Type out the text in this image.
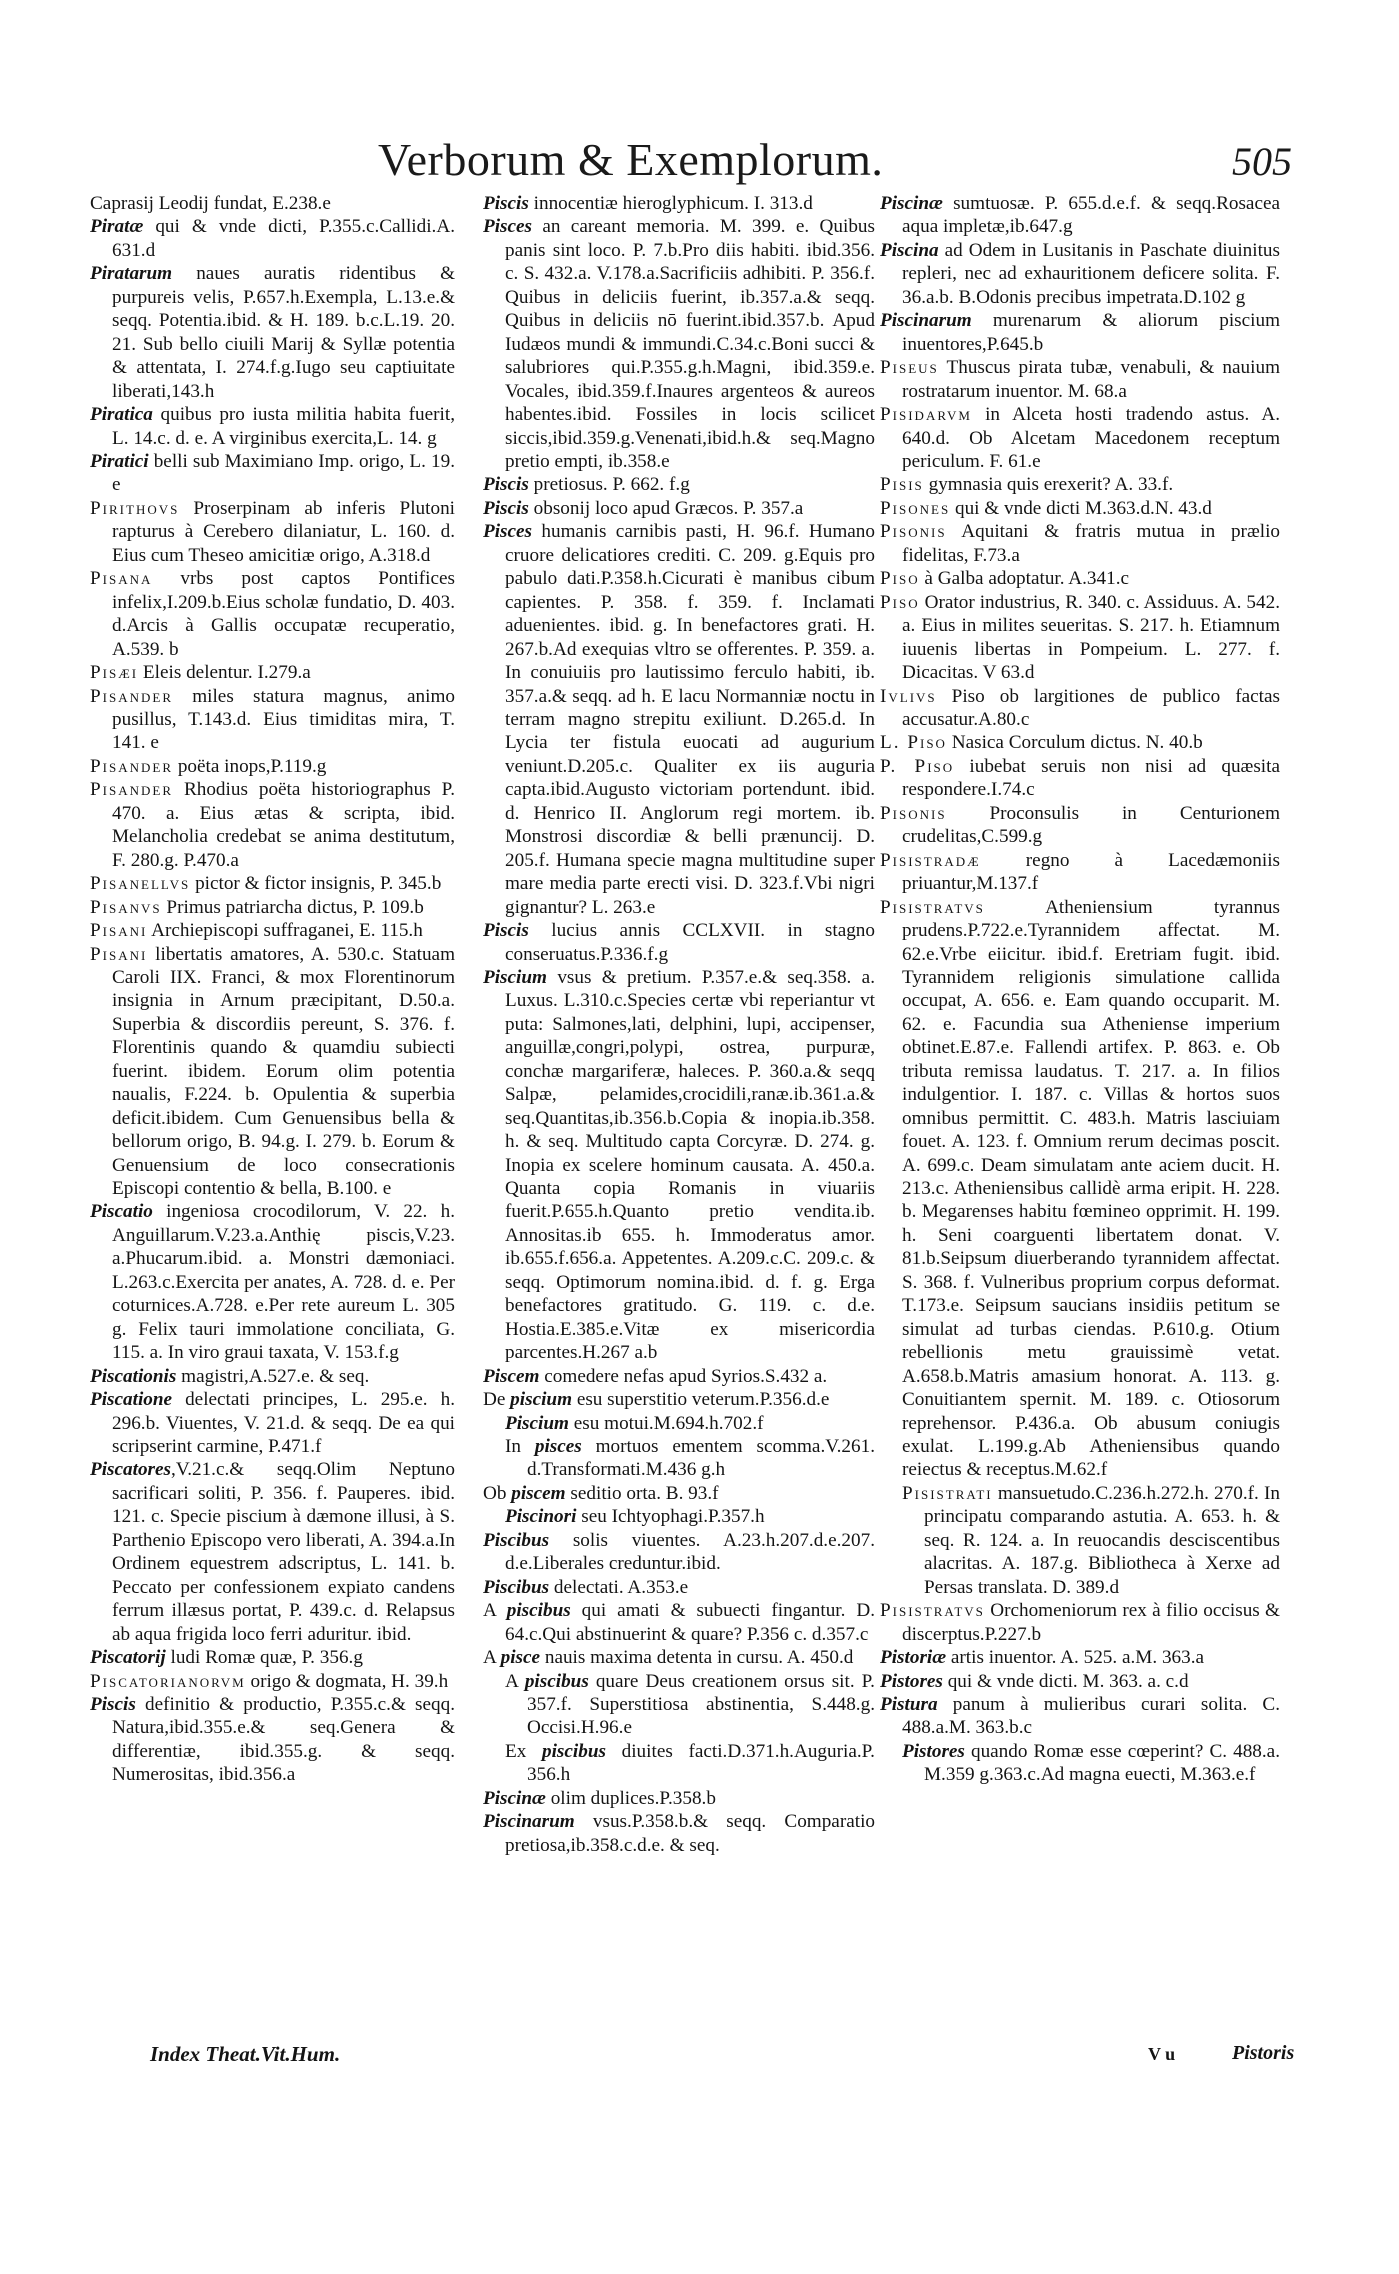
Verborum & Exemplorum.	505

Caprasij Leodij fundat, E.238.e

Piratæ qui & vnde dicti, P.355.c.Callidi.A. 631.d

Piratarum naues auratis ridentibus & purpureis velis, P.657.h.Exempla, L.13.e.& seqq. Potentia.ibid. & H. 189. b.c.L.19. 20. 21. Sub bello ciuili Marij & Syllæ potentia & attentata, I. 274.f.g.Iugo seu captiuitate liberati,143.h

Piratica quibus pro iusta militia habita fuerit, L. 14.c. d. e. A virginibus exercita,L. 14. g

Piratici belli sub Maximiano Imp. origo, L. 19. e

Pirithovs Proserpinam ab inferis Plutoni rapturus à Cerebero dilaniatur, L. 160. d. Eius cum Theseo amicitiæ origo, A.318.d

Pisana vrbs post captos Pontifices infelix,I.209.b.Eius scholæ fundatio, D. 403. d.Arcis à Gallis occupatæ recuperatio, A.539. b

Pisæi Eleis delentur. I.279.a

Pisander miles statura magnus, animo pusillus, T.143.d. Eius timiditas mira, T. 141. e

Pisander poëta inops,P.119.g

Pisander Rhodius poëta historiographus P. 470. a. Eius ætas & scripta, ibid. Melancholia credebat se anima destitutum, F. 280.g. P.470.a

Pisanellvs pictor & fictor insignis, P. 345.b

Pisanvs Primus patriarcha dictus, P. 109.b

Pisani Archiepiscopi suffraganei, E. 115.h

Pisani libertatis amatores, A. 530.c. Statuam Caroli IIX. Franci, & mox Florentinorum insignia in Arnum præcipitant, D.50.a. Superbia & discordiis pereunt, S. 376. f. Florentinis quando & quamdiu subiecti fuerint. ibidem. Eorum olim potentia naualis, F.224. b. Opulentia & superbia deficit.ibidem. Cum Genuensibus bella & bellorum origo, B. 94.g. I. 279. b. Eorum & Genuensium de loco consecrationis Episcopi contentio & bella, B.100. e

Piscatio ingeniosa crocodilorum, V. 22. h. Anguillarum.V.23.a.Anthię piscis,V.23. a.Phucarum.ibid. a. Monstri dæmoniaci. L.263.c.Exercita per anates, A. 728. d. e. Per coturnices.A.728. e.Per rete aureum L. 305 g. Felix tauri immolatione conciliata, G. 115. a. In viro graui taxata, V. 153.f.g

Piscationis magistri,A.527.e. & seq.

Piscatione delectati principes, L. 295.e. h. 296.b. Viuentes, V. 21.d. & seqq. De ea qui scripserint carmine, P.471.f

Piscatores,V.21.c.& seqq.Olim Neptuno sacrificari soliti, P. 356. f. Pauperes. ibid. 121. c. Specie piscium à dæmone illusi, à S. Parthenio Episcopo vero liberati, A. 394.a.In Ordinem equestrem adscriptus, L. 141. b. Peccato per confessionem expiato candens ferrum illæsus portat, P. 439.c. d. Relapsus ab aqua frigida loco ferri aduritur. ibid.

Piscatorij ludi Romæ quæ, P. 356.g

Piscatorianorvm origo & dogmata, H. 39.h

Piscis definitio & productio, P.355.c.& seqq. Natura,ibid.355.e.& seq.Genera & differentiæ, ibid.355.g. & seqq. Numerositas, ibid.356.a

Piscis innocentiæ hieroglyphicum. I. 313.d

Pisces an careant memoria. M. 399. e. Quibus panis sint loco. P. 7.b.Pro diis habiti. ibid.356. c. S. 432.a. V.178.a.Sacrificiis adhibiti. P. 356.f. Quibus in deliciis fuerint, ib.357.a.& seqq. Quibus in deliciis nō fuerint.ibid.357.b. Apud Iudæos mundi & immundi.C.34.c.Boni succi & salubriores qui.P.355.g.h.Magni, ibid.359.e. Vocales, ibid.359.f.Inaures argenteos & aureos habentes.ibid. Fossiles in locis scilicet siccis,ibid.359.g.Venenati,ibid.h.& seq.Magno pretio empti, ib.358.e

Piscis pretiosus. P. 662. f.g

Piscis obsonij loco apud Græcos. P. 357.a

Pisces humanis carnibis pasti, H. 96.f. Humano cruore delicatiores crediti. C. 209. g.Equis pro pabulo dati.P.358.h.Cicurati è manibus cibum capientes. P. 358. f. 359. f. Inclamati aduenientes. ibid. g. In benefactores grati. H. 267.b.Ad exequias vltro se offerentes. P. 359. a. In conuiuiis pro lautissimo ferculo habiti, ib. 357.a.& seqq. ad h. E lacu Normanniæ noctu in terram magno strepitu exiliunt. D.265.d. In Lycia ter fistula euocati ad augurium veniunt.D.205.c. Qualiter ex iis auguria capta.ibid.Augusto victoriam portendunt. ibid. d. Henrico II. Anglorum regi mortem. ib. Monstrosi discordiæ & belli prænuncij. D. 205.f. Humana specie magna multitudine super mare media parte erecti visi. D. 323.f.Vbi nigri gignantur? L. 263.e

Piscis lucius annis CCLXVII. in stagno conseruatus.P.336.f.g

Piscium vsus & pretium. P.357.e.& seq.358. a. Luxus. L.310.c.Species certæ vbi reperiantur vt puta: Salmones,lati, delphini, lupi, accipenser, anguillæ,congri,polypi, ostrea, purpuræ, conchæ margariferæ, haleces. P. 360.a.& seqq Salpæ, pelamides,crocidili,ranæ.ib.361.a.& seq.Quantitas,ib.356.b.Copia & inopia.ib.358. h. & seq. Multitudo capta Corcyræ. D. 274. g. Inopia ex scelere hominum causata. A. 450.a. Quanta copia Romanis in viuariis fuerit.P.655.h.Quanto pretio vendita.ib. Annositas.ib 655. h. Immoderatus amor. ib.655.f.656.a. Appetentes. A.209.c.C. 209.c. & seqq. Optimorum nomina.ibid. d. f. g. Erga benefactores gratitudo. G. 119. c. d.e. Hostia.E.385.e.Vitæ ex misericordia parcentes.H.267 a.b

Piscem comedere nefas apud Syrios.S.432 a.

De piscium esu superstitio veterum.P.356.d.e

Piscium esu motui.M.694.h.702.f

In pisces mortuos ementem scomma.V.261. d.Transformati.M.436 g.h

Ob piscem seditio orta. B. 93.f

Piscinori seu Ichtyophagi.P.357.h

Piscibus solis viuentes. A.23.h.207.d.e.207. d.e.Liberales creduntur.ibid.

Piscibus delectati. A.353.e

A piscibus qui amati & subuecti fingantur. D. 64.c.Qui abstinuerint & quare? P.356 c. d.357.c

A pisce nauis maxima detenta in cursu. A. 450.d

A piscibus quare Deus creationem orsus sit. P. 357.f. Superstitiosa abstinentia, S.448.g. Occisi.H.96.e

Ex piscibus diuites facti.D.371.h.Auguria.P. 356.h

Piscinæ olim duplices.P.358.b

Piscinarum vsus.P.358.b.& seqq. Comparatio pretiosa,ib.358.c.d.e. & seq.

Piscinæ sumtuosæ. P. 655.d.e.f. & seqq.Rosacea aqua impletæ,ib.647.g

Piscina ad Odem in Lusitanis in Paschate diuinitus repleri, nec ad exhauritionem deficere solita. F. 36.a.b. B.Odonis precibus impetrata.D.102 g

Piscinarum murenarum & aliorum piscium inuentores,P.645.b

Piseus Thuscus pirata tubæ, venabuli, & nauium rostratarum inuentor. M. 68.a

Pisidarvm in Alceta hosti tradendo astus. A. 640.d. Ob Alcetam Macedonem receptum periculum. F. 61.e

Pisis gymnasia quis erexerit? A. 33.f.

Pisones qui & vnde dicti M.363.d.N. 43.d

Pisonis Aquitani & fratris mutua in prælio fidelitas, F.73.a

Piso à Galba adoptatur. A.341.c

Piso Orator industrius, R. 340. c. Assiduus. A. 542. a. Eius in milites seueritas. S. 217. h. Etiamnum iuuenis libertas in Pompeium. L. 277. f. Dicacitas. V 63.d

Ivlivs Piso ob largitiones de publico factas accusatur.A.80.c

L. Piso Nasica Corculum dictus. N. 40.b

P. Piso iubebat seruis non nisi ad quæsita respondere.I.74.c

Pisonis Proconsulis in Centurionem crudelitas,C.599.g

Pisistradæ regno à Lacedæmoniis priuantur,M.137.f

Pisistratvs Atheniensium tyrannus prudens.P.722.e.Tyrannidem affectat. M. 62.e.Vrbe eiicitur. ibid.f. Eretriam fugit. ibid. Tyrannidem religionis simulatione callida occupat, A. 656. e. Eam quando occuparit. M. 62. e. Facundia sua Atheniense imperium obtinet.E.87.e. Fallendi artifex. P. 863. e. Ob tributa remissa laudatus. T. 217. a. In filios indulgentior. I. 187. c. Villas & hortos suos omnibus permittit. C. 483.h. Matris lasciuiam fouet. A. 123. f. Omnium rerum decimas poscit. A. 699.c. Deam simulatam ante aciem ducit. H. 213.c. Atheniensibus callidè arma eripit. H. 228. b. Megarenses habitu fœmineo opprimit. H. 199. h. Seni coarguenti libertatem donat. V. 81.b.Seipsum diuerberando tyrannidem affectat. S. 368. f. Vulneribus proprium corpus deformat. T.173.e. Seipsum saucians insidiis petitum se simulat ad turbas ciendas. P.610.g. Otium rebellionis metu grauissimè vetat. A.658.b.Matris amasium honorat. A. 113. g. Conuitiantem spernit. M. 189. c. Otiosorum reprehensor. P.436.a. Ob abusum coniugis exulat. L.199.g.Ab Atheniensibus quando reiectus & receptus.M.62.f

Pisistrati mansuetudo.C.236.h.272.h. 270.f. In principatu comparando astutia. A. 653. h. & seq. R. 124. a. In reuocandis desciscentibus alacritas. A. 187.g. Bibliotheca à Xerxe ad Persas translata. D. 389.d

Pisistratvs Orchomeniorum rex à filio occisus & discerptus.P.227.b

Pistoriæ artis inuentor. A. 525. a.M. 363.a

Pistores qui & vnde dicti. M. 363. a. c.d

Pistura panum à mulieribus curari solita. C. 488.a.M. 363.b.c

Pistores quando Romæ esse cœperint? C. 488.a. M.359 g.363.c.Ad magna euecti, M.363.e.f

Index Theat.Vit.Hum.	V u	Pistoris
